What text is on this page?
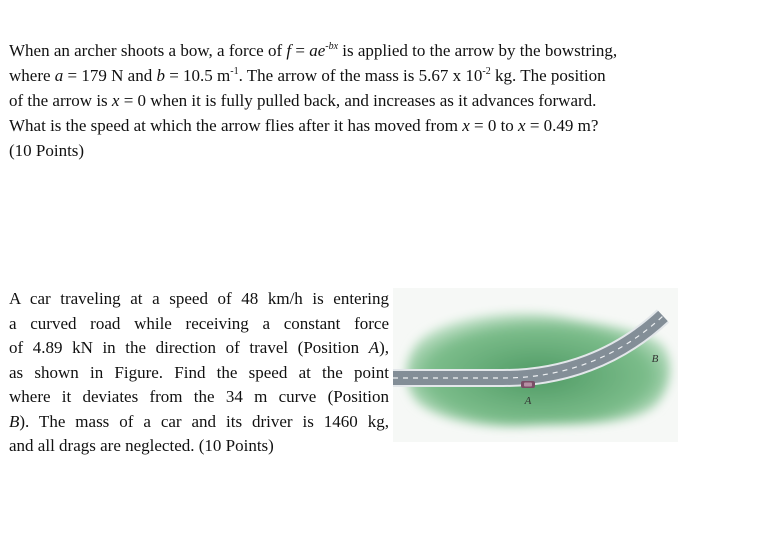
When an archer shoots a bow, a force of $f = ae^{-bx}$ is applied to the arrow by the bowstring,
where a = 179 N and b = 10.5 $m^{-1}$. The arrow of the mass is 5.67 x $10^{-2}$ kg. The position
of the arrow is x = 0 when it is fully pulled back, and increases as it advances forward.
What is the speed at which the arrow flies after it has moved from x = 0 to x = 0.49 m?
(10 Points)
A car traveling at a speed of 48 km/h is entering
a curved road while receiving a constant force
of 4.89 kN in the direction of travel (Position A),
as shown in Figure. Find the speed at the point
where it deviates from the 34 m curve (Position
B). The mass of a car and its driver is 1460 kg,
and all drags are neglected. (10 Points)
A
B
